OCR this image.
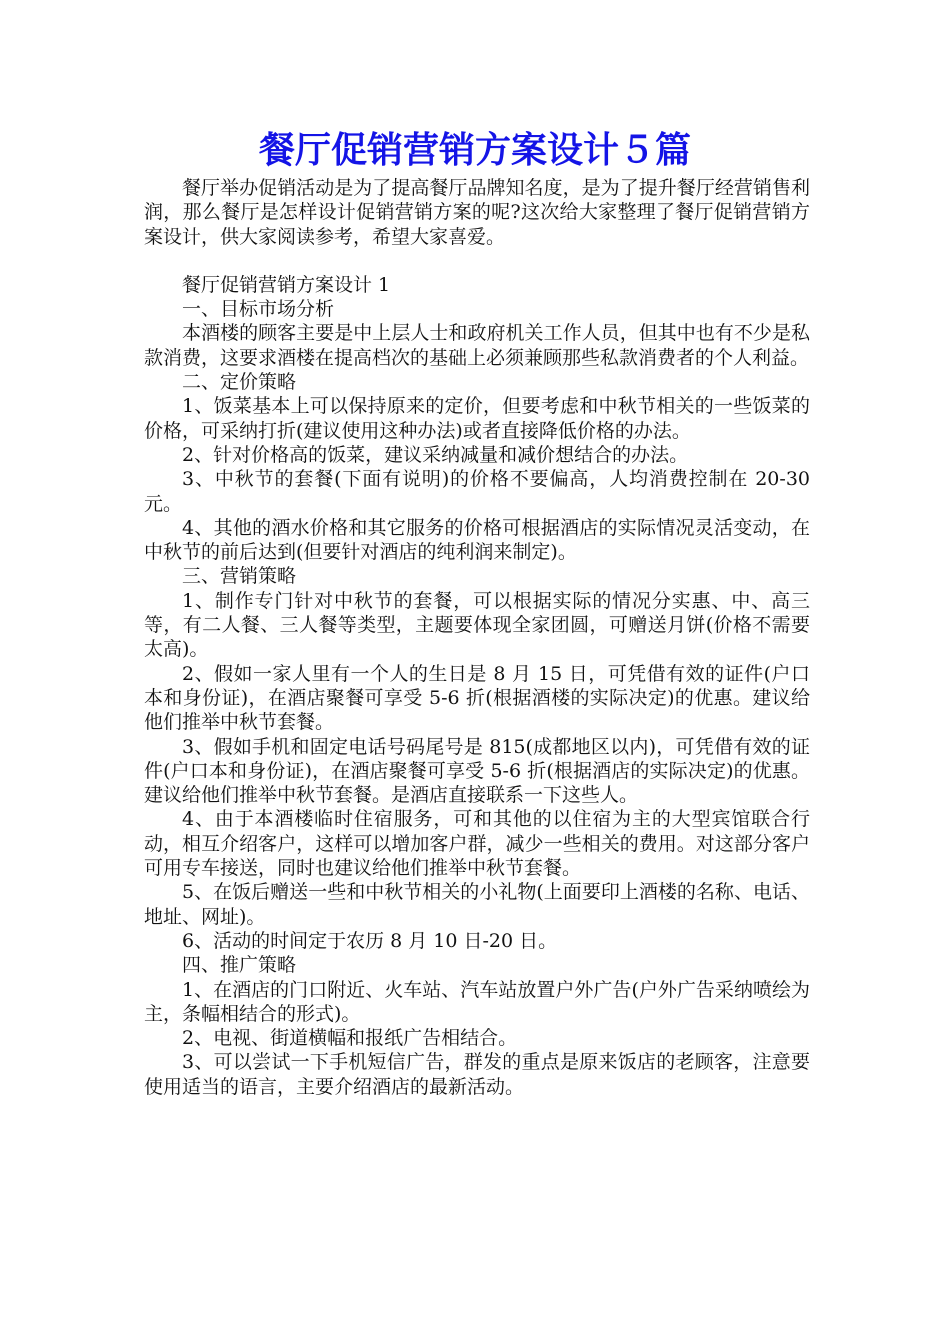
餐厅促销营销方案设计５篇

餐厅举办促销活动是为了提高餐厅品牌知名度，是为了提升餐厅经营销售利润，那么餐厅是怎样设计促销营销方案的呢?这次给大家整理了餐厅促销营销方案设计，供大家阅读参考，希望大家喜爱。

餐厅促销营销方案设计 1

一、目标市场分析

本酒楼的顾客主要是中上层人士和政府机关工作人员，但其中也有不少是私款消费，这要求酒楼在提高档次的基础上必须兼顾那些私款消费者的个人利益。

二、定价策略

1、饭菜基本上可以保持原来的定价，但要考虑和中秋节相关的一些饭菜的价格，可采纳打折(建议使用这种办法)或者直接降低价格的办法。

2、针对价格高的饭菜，建议采纳减量和减价想结合的办法。

3、中秋节的套餐(下面有说明)的价格不要偏高，人均消费控制在 20-30 元。

4、其他的酒水价格和其它服务的价格可根据酒店的实际情况灵活变动，在中秋节的前后达到(但要针对酒店的纯利润来制定)。

三、营销策略

1、制作专门针对中秋节的套餐，可以根据实际的情况分实惠、中、高三等，有二人餐、三人餐等类型，主题要体现全家团圆，可赠送月饼(价格不需要太高)。

2、假如一家人里有一个人的生日是 8 月 15 日，可凭借有效的证件(户口本和身份证)，在酒店聚餐可享受 5-6 折(根据酒楼的实际决定)的优惠。建议给他们推举中秋节套餐。

3、假如手机和固定电话号码尾号是 815(成都地区以内)，可凭借有效的证件(户口本和身份证)，在酒店聚餐可享受 5-6 折(根据酒店的实际决定)的优惠。建议给他们推举中秋节套餐。是酒店直接联系一下这些人。

4、由于本酒楼临时住宿服务，可和其他的以住宿为主的大型宾馆联合行动，相互介绍客户，这样可以增加客户群，减少一些相关的费用。对这部分客户可用专车接送，同时也建议给他们推举中秋节套餐。

5、在饭后赠送一些和中秋节相关的小礼物(上面要印上酒楼的名称、电话、地址、网址)。

6、活动的时间定于农历 8 月 10 日-20 日。

四、推广策略

1、在酒店的门口附近、火车站、汽车站放置户外广告(户外广告采纳喷绘为主，条幅相结合的形式)。

2、电视、街道横幅和报纸广告相结合。

3、可以尝试一下手机短信广告，群发的重点是原来饭店的老顾客，注意要使用适当的语言，主要介绍酒店的最新活动。
